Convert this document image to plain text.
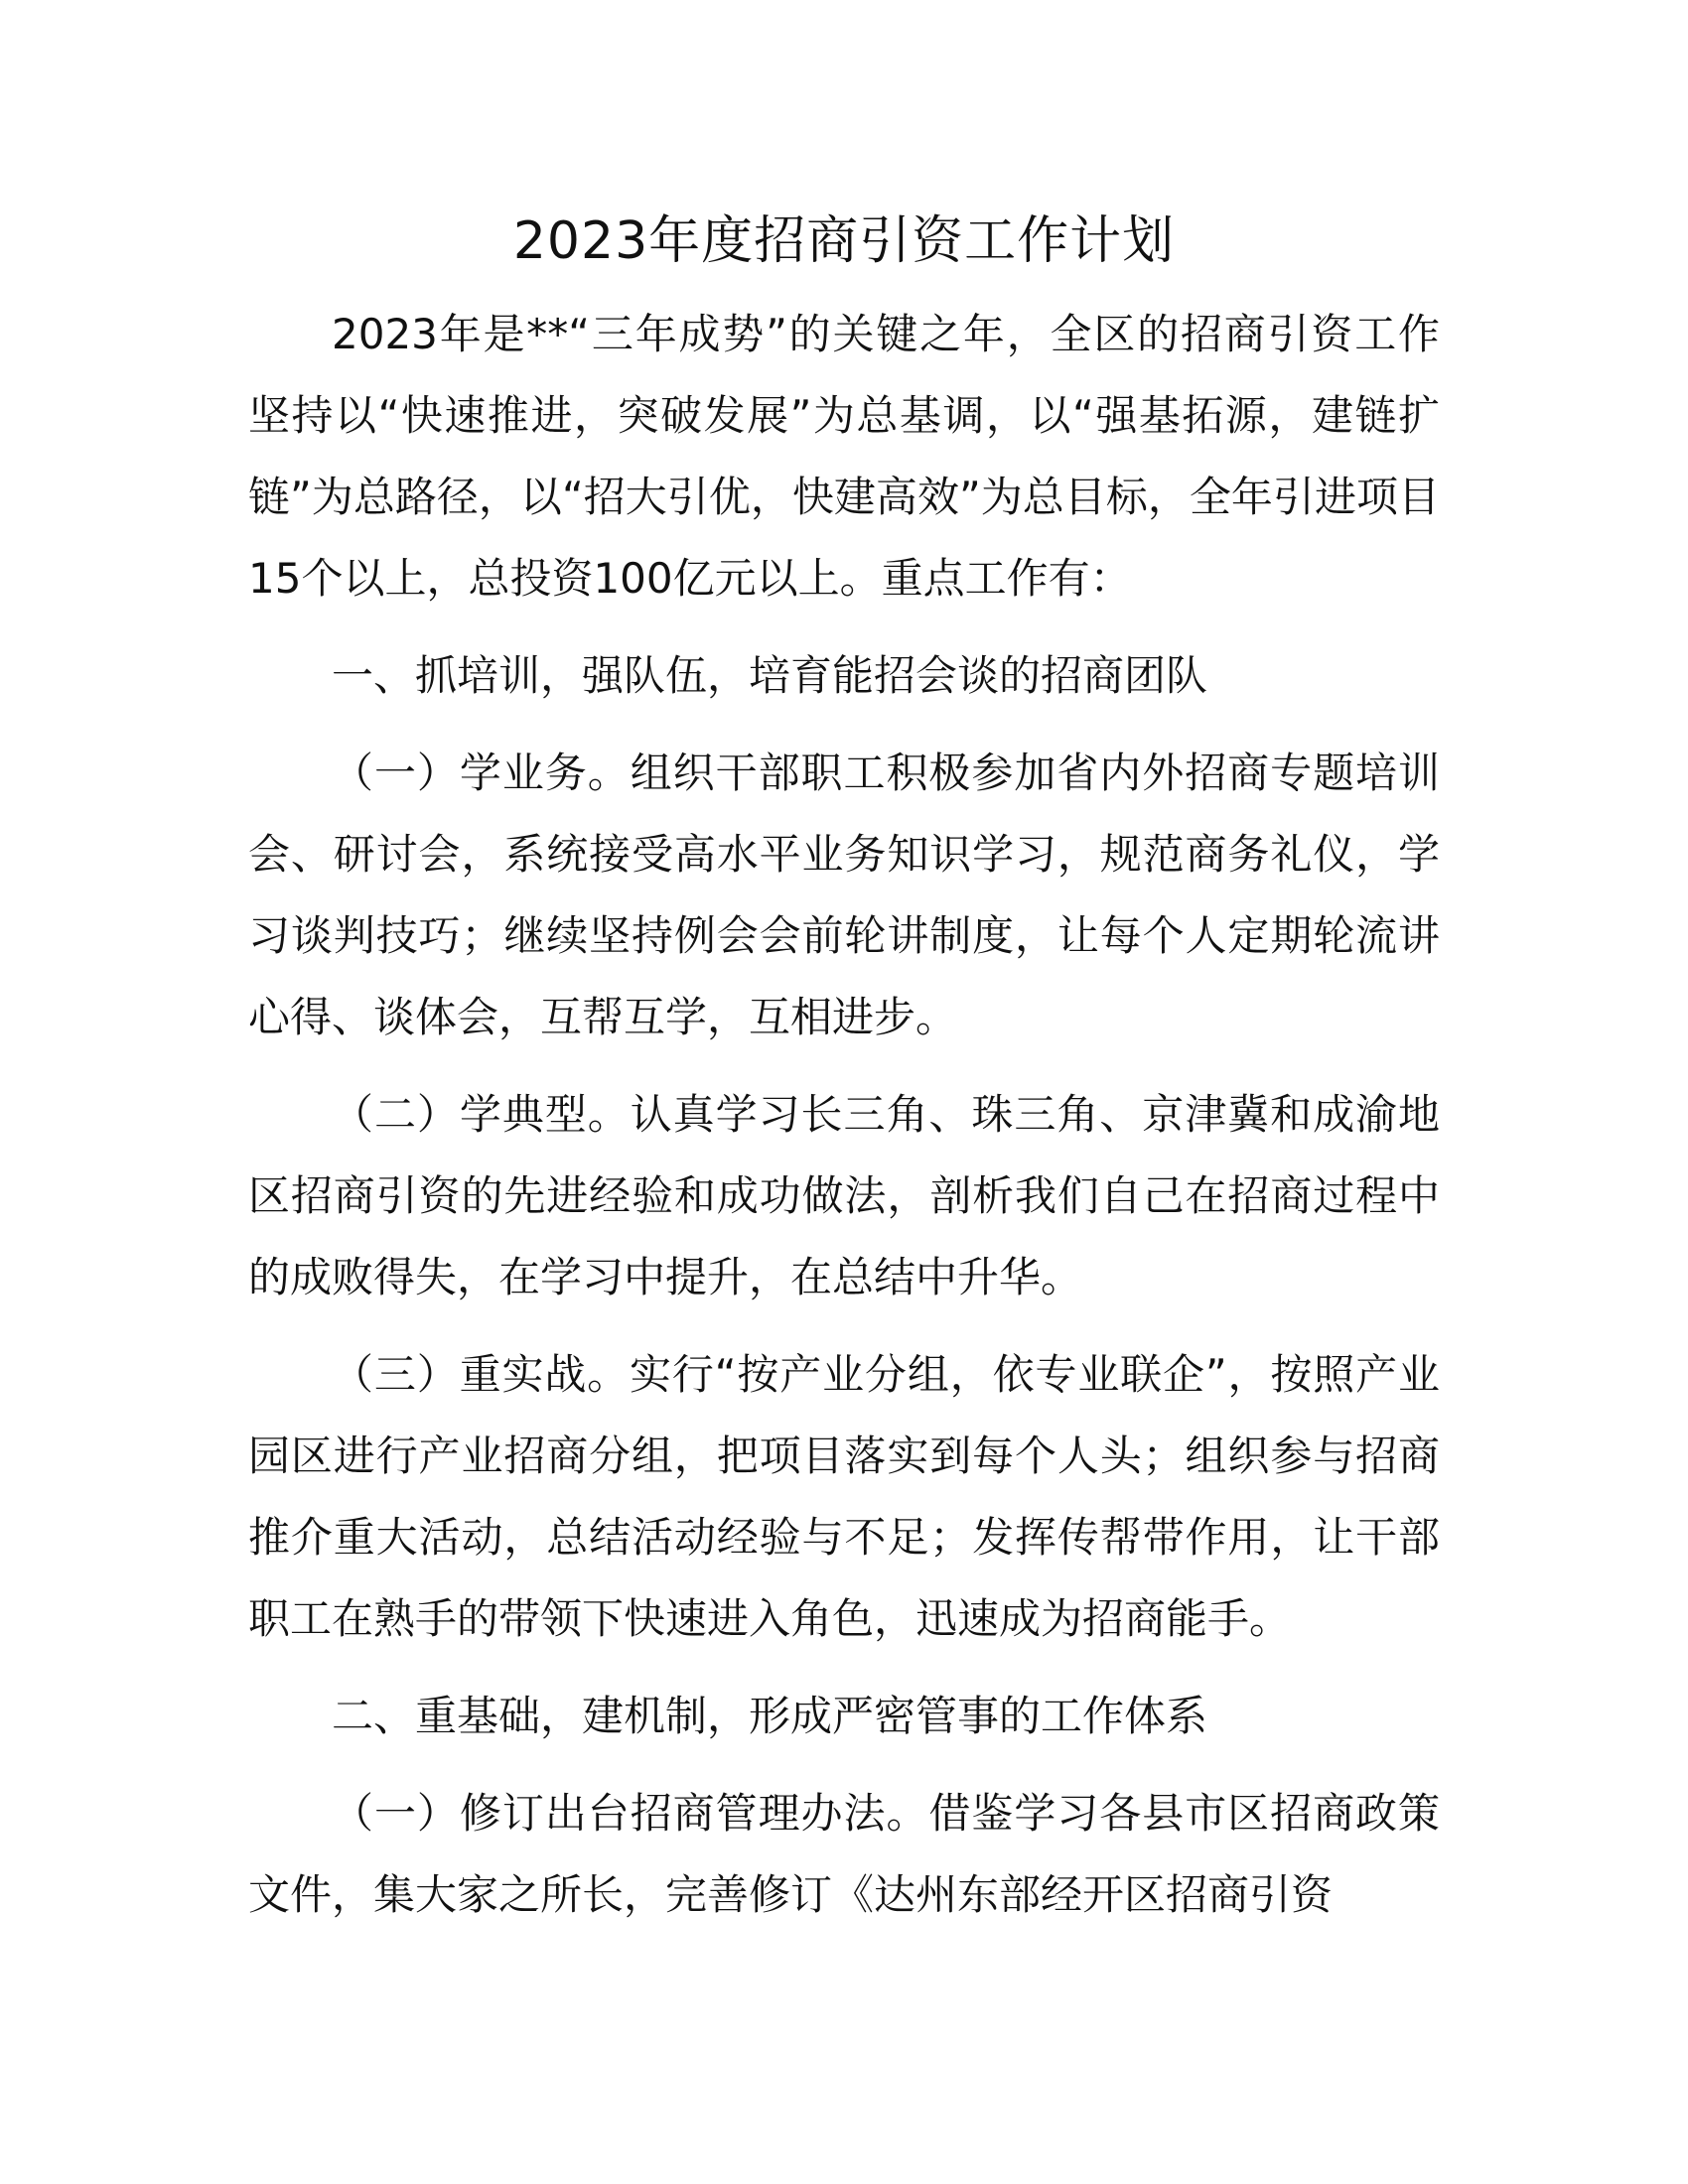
2023年度招商引资工作计划

2023年是**“三年成势”的关键之年，全区的招商引资工作坚持以“快速推进，突破发展”为总基调，以“强基拓源，建链扩链”为总路径，以“招大引优，快建高效”为总目标，全年引进项目15个以上，总投资100亿元以上。重点工作有：

一、抓培训，强队伍，培育能招会谈的招商团队

（一）学业务。组织干部职工积极参加省内外招商专题培训会、研讨会，系统接受高水平业务知识学习，规范商务礼仪，学习谈判技巧；继续坚持例会会前轮讲制度，让每个人定期轮流讲心得、谈体会，互帮互学，互相进步。

（二）学典型。认真学习长三角、珠三角、京津冀和成渝地区招商引资的先进经验和成功做法，剖析我们自己在招商过程中的成败得失，在学习中提升，在总结中升华。

（三）重实战。实行“按产业分组，依专业联企”，按照产业园区进行产业招商分组，把项目落实到每个人头；组织参与招商推介重大活动，总结活动经验与不足；发挥传帮带作用，让干部职工在熟手的带领下快速进入角色，迅速成为招商能手。

二、重基础，建机制，形成严密管事的工作体系

（一）修订出台招商管理办法。借鉴学习各县市区招商政策文件，集大家之所长，完善修订《达州东部经开区招商引资
